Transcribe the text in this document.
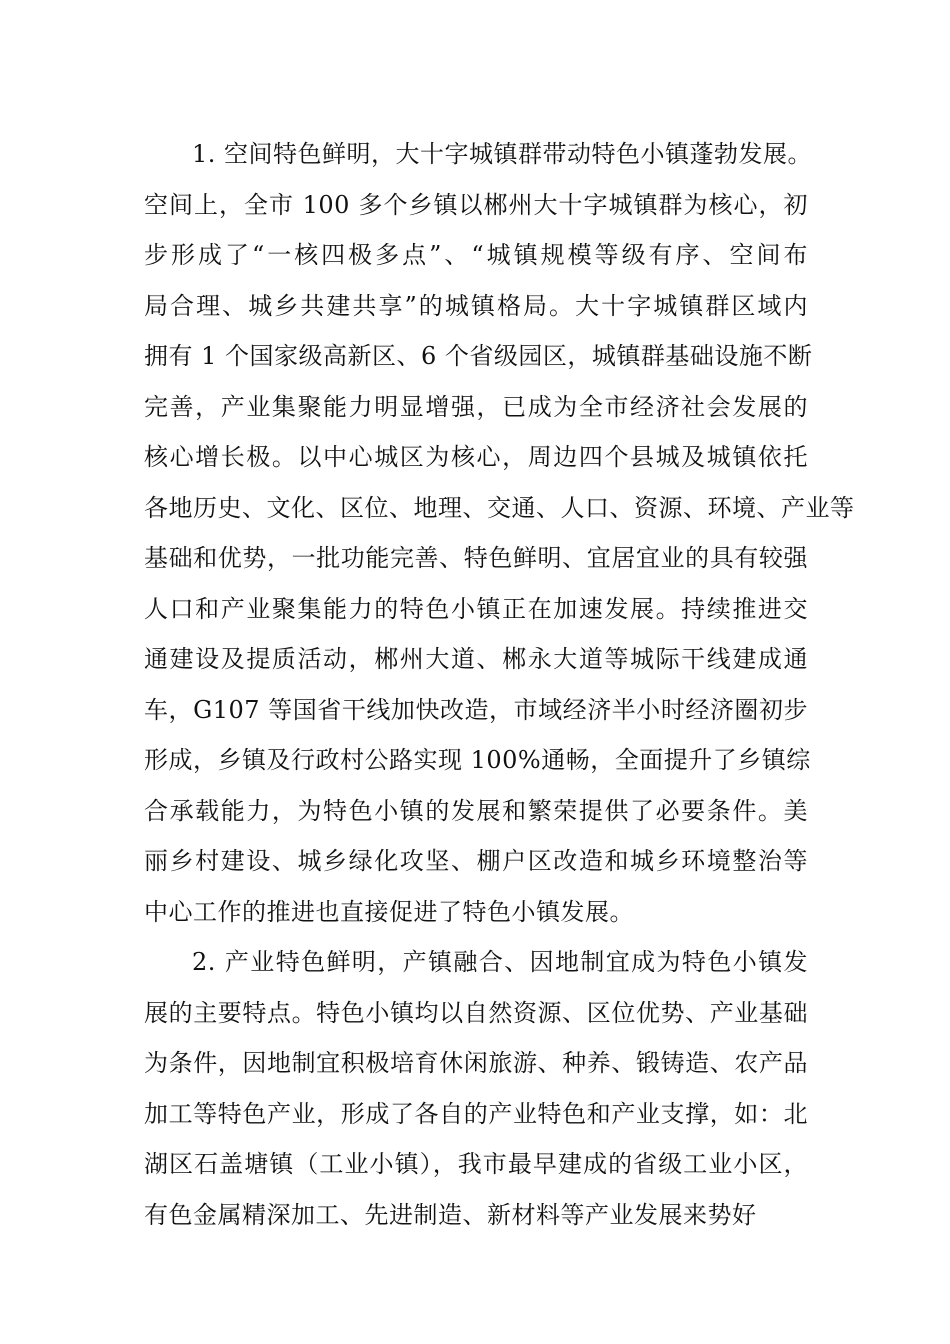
1. 空间特色鲜明，大十字城镇群带动特色小镇蓬勃发展。
空间上，全市 100 多个乡镇以郴州大十字城镇群为核心，初
步形成了“一核四极多点”、“城镇规模等级有序、空间布
局合理、城乡共建共享”的城镇格局。大十字城镇群区域内
拥有 1 个国家级高新区、6 个省级园区，城镇群基础设施不断
完善，产业集聚能力明显增强，已成为全市经济社会发展的
核心增长极。以中心城区为核心，周边四个县城及城镇依托
各地历史、文化、区位、地理、交通、人口、资源、环境、产业等
基础和优势，一批功能完善、特色鲜明、宜居宜业的具有较强
人口和产业聚集能力的特色小镇正在加速发展。持续推进交
通建设及提质活动，郴州大道、郴永大道等城际干线建成通
车，G107 等国省干线加快改造，市域经济半小时经济圈初步
形成，乡镇及行政村公路实现 100%通畅，全面提升了乡镇综
合承载能力，为特色小镇的发展和繁荣提供了必要条件。美
丽乡村建设、城乡绿化攻坚、棚户区改造和城乡环境整治等
中心工作的推进也直接促进了特色小镇发展。
2. 产业特色鲜明，产镇融合、因地制宜成为特色小镇发
展的主要特点。特色小镇均以自然资源、区位优势、产业基础
为条件，因地制宜积极培育休闲旅游、种养、锻铸造、农产品
加工等特色产业，形成了各自的产业特色和产业支撑，如：北
湖区石盖塘镇（工业小镇），我市最早建成的省级工业小区，
有色金属精深加工、先进制造、新材料等产业发展来势好
